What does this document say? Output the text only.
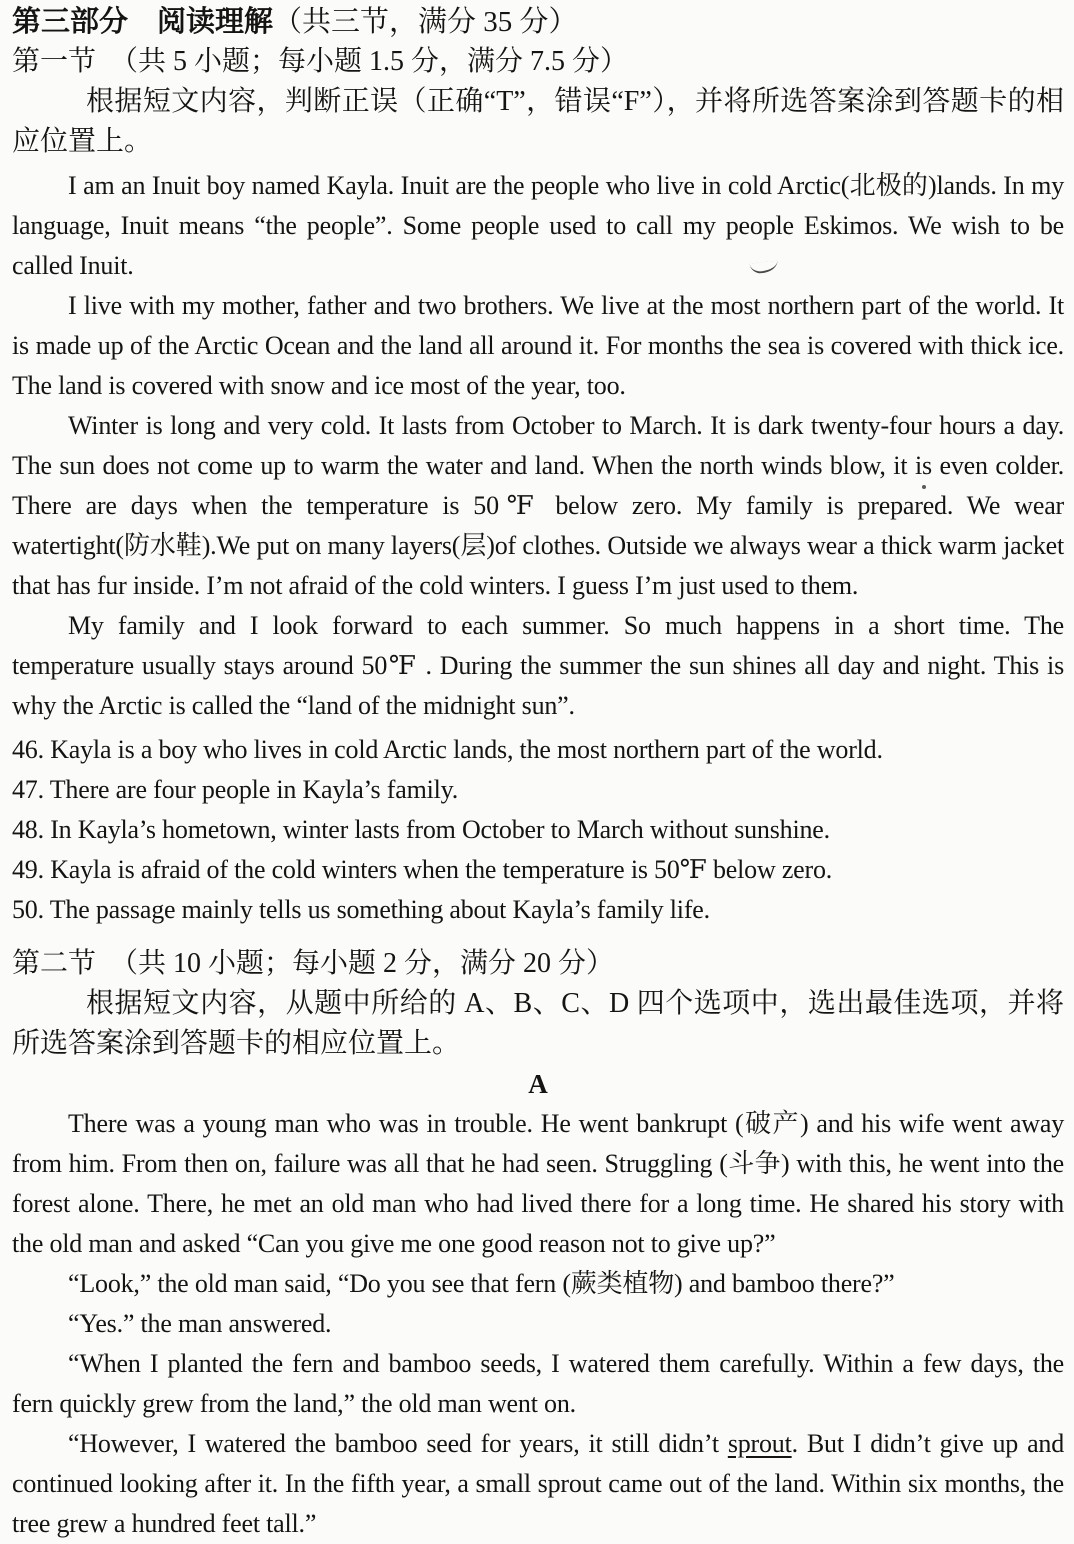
第三部分　阅读理解（共三节，满分 35 分）

第一节　（共 5 小题；每小题 1.5 分，满分 7.5 分）

根据短文内容，判断正误（正确“T”，错误“F”），并将所选答案涂到答题卡的相应位置上。

I am an Inuit boy named Kayla. Inuit are the people who live in cold Arctic(北极的)lands. In my language, Inuit means “the people”. Some people used to call my people Eskimos. We wish to be called Inuit.

I live with my mother, father and two brothers. We live at the most northern part of the world. It is made up of the Arctic Ocean and the land all around it. For months the sea is covered with thick ice. The land is covered with snow and ice most of the year, too.

Winter is long and very cold. It lasts from October to March. It is dark twenty-four hours a day. The sun does not come up to warm the water and land. When the north winds blow, it is even colder. There are days when the temperature is 50℉ below zero. My family is prepared. We wear watertight(防水鞋).We put on many layers(层)of clothes. Outside we always wear a thick warm jacket that has fur inside. I’m not afraid of the cold winters. I guess I’m just used to them.

My family and I look forward to each summer. So much happens in a short time. The temperature usually stays around 50℉ . During the summer the sun shines all day and night. This is why the Arctic is called the “land of the midnight sun”.

46. Kayla is a boy who lives in cold Arctic lands, the most northern part of the world.

47. There are four people in Kayla’s family.

48. In Kayla’s hometown, winter lasts from October to March without sunshine.

49. Kayla is afraid of the cold winters when the temperature is 50℉ below zero.

50. The passage mainly tells us something about Kayla’s family life.

第二节　（共 10 小题；每小题 2 分，满分 20 分）

根据短文内容，从题中所给的 A、B、C、D 四个选项中，选出最佳选项，并将所选答案涂到答题卡的相应位置上。

A

There was a young man who was in trouble. He went bankrupt (破产) and his wife went away from him. From then on, failure was all that he had seen. Struggling (斗争) with this, he went into the forest alone. There, he met an old man who had lived there for a long time. He shared his story with the old man and asked “Can you give me one good reason not to give up?”

“Look,” the old man said, “Do you see that fern (蕨类植物) and bamboo there?”

“Yes.” the man answered.

“When I planted the fern and bamboo seeds, I watered them carefully. Within a few days, the fern quickly grew from the land,” the old man went on.

“However, I watered the bamboo seed for years, it still didn’t sprout. But I didn’t give up and continued looking after it. In the fifth year, a small sprout came out of the land. Within six months, the tree grew a hundred feet tall.”
